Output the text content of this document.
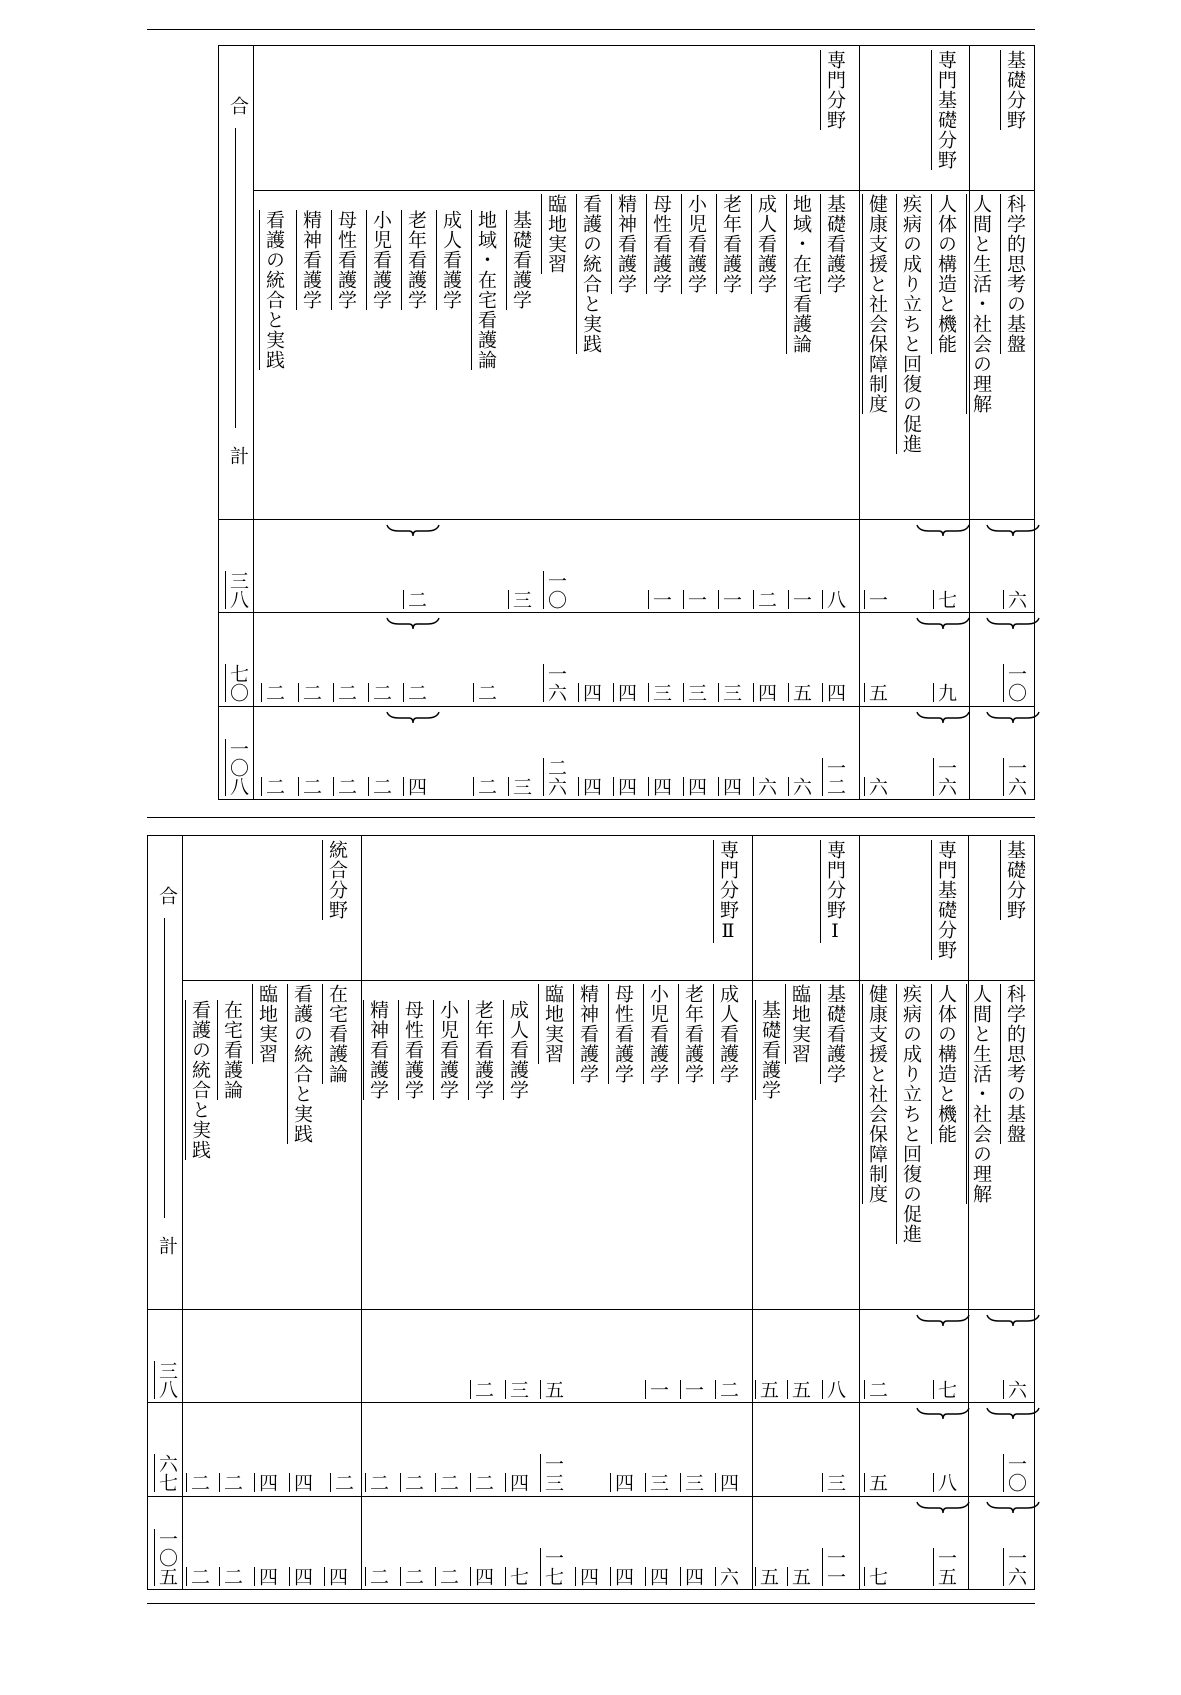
基礎分野
専門基礎分野
専門分野
合
計
科学的思考の基盤
人間と生活・社会の理解
人体の構造と機能
疾病の成り立ちと回復の促進
健康支援と社会保障制度
基礎看護学
地域・在宅看護論
成人看護学
老年看護学
小児看護学
母性看護学
精神看護学
看護の統合と実践
臨地実習
基礎看護学
地域・在宅看護論
成人看護学
老年看護学
小児看護学
母性看護学
精神看護学
看護の統合と実践
六
七
一
八
一
二
一
一
一
一〇
三
二
三八
一〇
九
五
四
五
四
三
三
三
四
四
一六
二
二
二
二
二
二
七〇
一六
一六
六
一二
六
六
四
四
四
四
四
二六
三
二
四
二
二
二
二
一〇八
基礎分野
専門基礎分野
専門分野Ⅰ
専門分野Ⅱ
統合分野
合
計
科学的思考の基盤
人間と生活・社会の理解
人体の構造と機能
疾病の成り立ちと回復の促進
健康支援と社会保障制度
基礎看護学
臨地実習
基礎看護学
成人看護学
老年看護学
小児看護学
母性看護学
精神看護学
臨地実習
成人看護学
老年看護学
小児看護学
母性看護学
精神看護学
在宅看護論
看護の統合と実践
臨地実習
在宅看護論
看護の統合と実践
六
七
二
八
五
五
二
一
一
五
三
二
三八
一〇
八
五
三
四
三
三
四
一三
四
二
二
二
二
二
四
四
二
二
六七
一六
一五
七
一一
五
五
六
四
四
四
四
一七
七
四
二
二
二
四
四
四
二
二
一〇五
